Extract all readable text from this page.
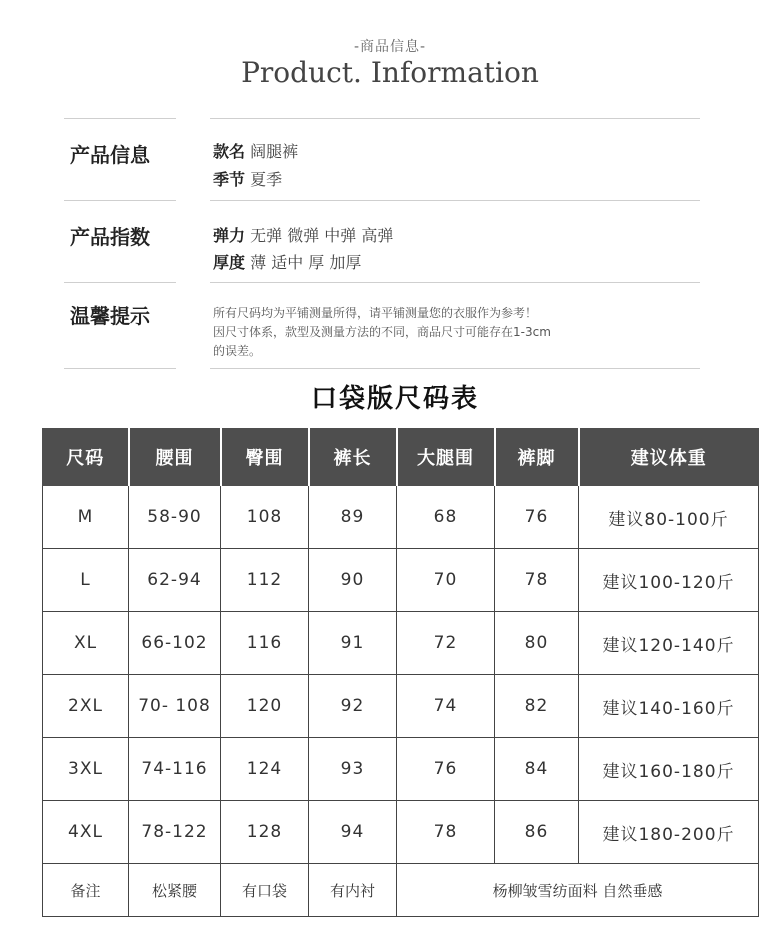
-商品信息-
Product. Information
产品信息	款名 阔腿裤
季节 夏季
产品指数	弹力 无弹 微弹 中弹 高弹
厚度 薄 适中 厚 加厚
温馨提示	所有尺码均为平铺测量所得，请平铺测量您的衣服作为参考！
因尺寸体系，款型及测量方法的不同，商品尺寸可能存在1-3cm
的误差。
口袋版尺码表
尺码	腰围	臀围	裤长	大腿围	裤脚	建议体重
M	58-90	108	89	68	76	建议80-100斤
L	62-94	112	90	70	78	建议100-120斤
XL	66-102	116	91	72	80	建议120-140斤
2XL	70- 108	120	92	74	82	建议140-160斤
3XL	74-116	124	93	76	84	建议160-180斤
4XL	78-122	128	94	78	86	建议180-200斤
备注	松紧腰	有口袋	有内衬	杨柳皱雪纺面料 自然垂感		
